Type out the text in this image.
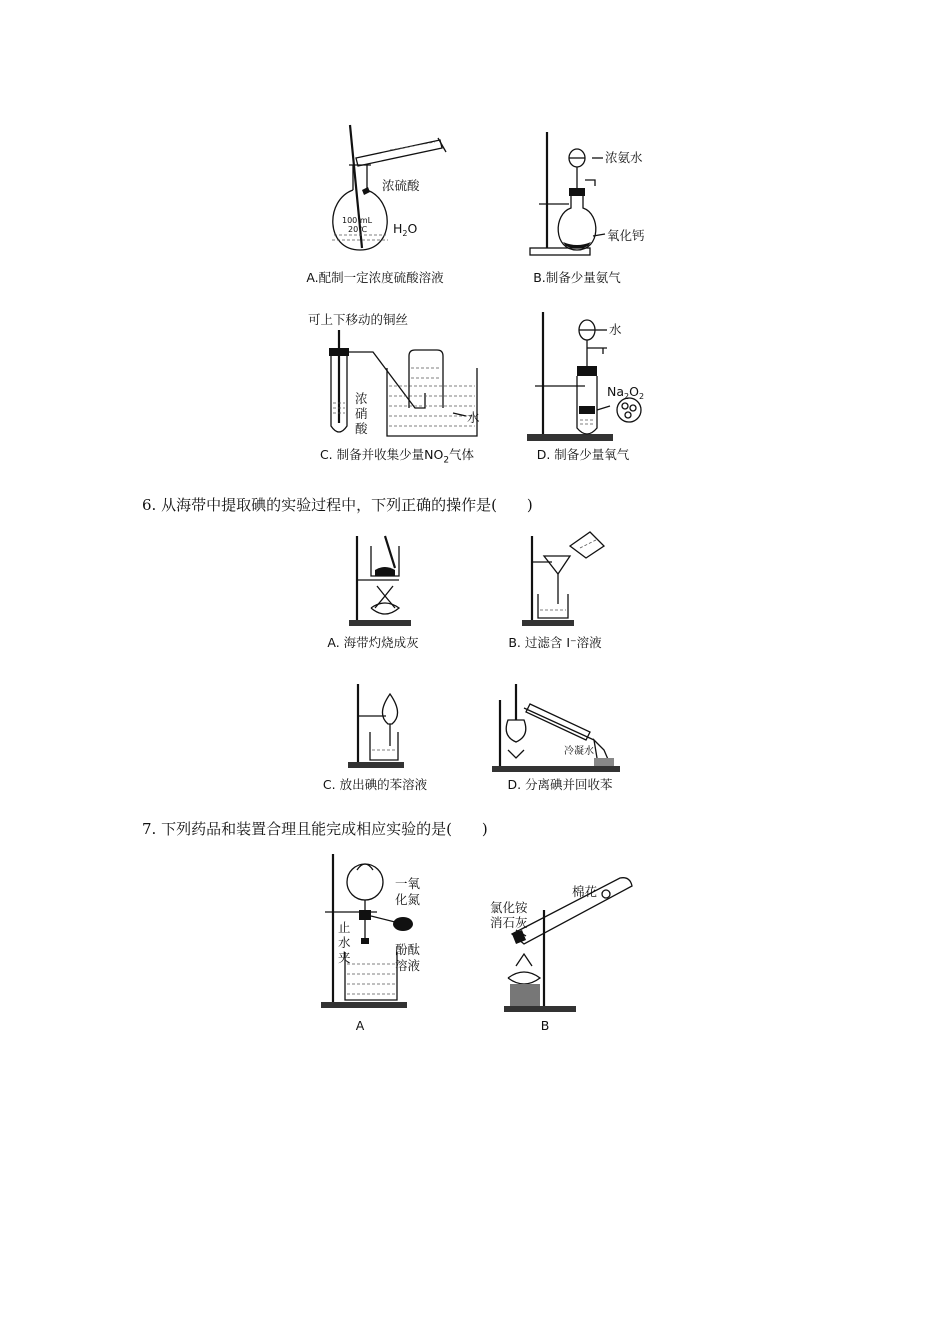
浓硫酸
$H_2O$
100 mL
20℃
A.配制一定浓度硫酸溶液
浓氨水
氧化钙
B.制备少量氨气
可上下移动的铜丝
浓
硝
酸
水
C. 制备并收集少量$NO_2$气体
水
$Na_2O_2$
D. 制备少量氧气
6. 从海带中提取碘的实验过程中，下列正确的操作是(　　)
A. 海带灼烧成灰	B. 过滤含 I⁻溶液
C. 放出碘的苯溶液
冷凝水
D. 分离碘并回收苯
7. 下列药品和装置合理且能完成相应实验的是(　　)
一氧
化氮
酚酞
溶液
止
水
夹
A
棉花
氯化铵
消石灰
B
